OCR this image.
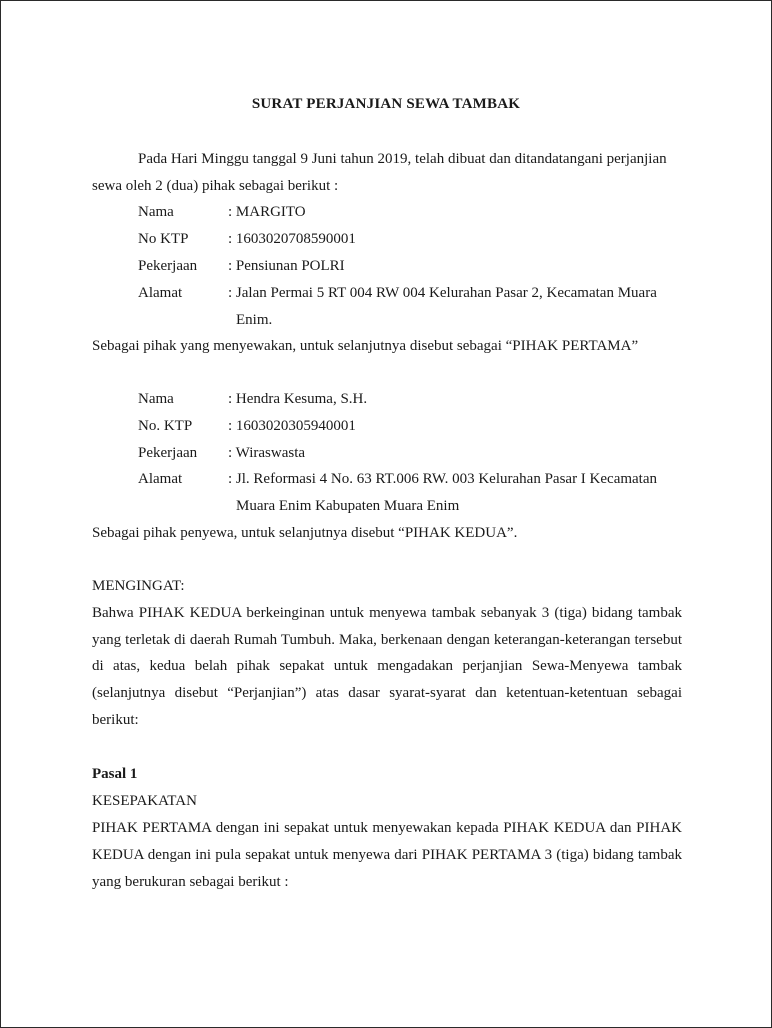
SURAT PERJANJIAN SEWA TAMBAK
Pada Hari Minggu tanggal 9 Juni tahun 2019, telah dibuat dan ditandatangani perjanjian
sewa oleh 2 (dua) pihak sebagai berikut :
Nama	: MARGITO
No KTP	: 1603020708590001
Pekerjaan : Pensiunan POLRI
Alamat	: Jalan Permai 5 RT 004 RW 004 Kelurahan Pasar 2, Kecamatan Muara
Enim.
Sebagai pihak yang menyewakan, untuk selanjutnya disebut sebagai “PIHAK PERTAMA”
Nama	: Hendra Kesuma, S.H.
No. KTP : 1603020305940001
Pekerjaan : Wiraswasta
Alamat	: Jl. Reformasi 4 No. 63 RT.006 RW. 003 Kelurahan Pasar I Kecamatan
Muara Enim Kabupaten Muara Enim
Sebagai pihak penyewa, untuk selanjutnya disebut “PIHAK KEDUA”.
MENGINGAT:
Bahwa PIHAK KEDUA berkeinginan untuk menyewa tambak sebanyak 3 (tiga) bidang tambak
yang terletak di daerah Rumah Tumbuh. Maka, berkenaan dengan keterangan-keterangan tersebut
di atas, kedua belah pihak sepakat untuk mengadakan perjanjian Sewa-Menyewa tambak
(selanjutnya disebut “Perjanjian”) atas dasar syarat-syarat dan ketentuan-ketentuan sebagai
berikut:
Pasal 1
KESEPAKATAN
PIHAK PERTAMA dengan ini sepakat untuk menyewakan kepada PIHAK KEDUA dan PIHAK
KEDUA dengan ini pula sepakat untuk menyewa dari PIHAK PERTAMA 3 (tiga) bidang tambak
yang berukuran sebagai berikut :
